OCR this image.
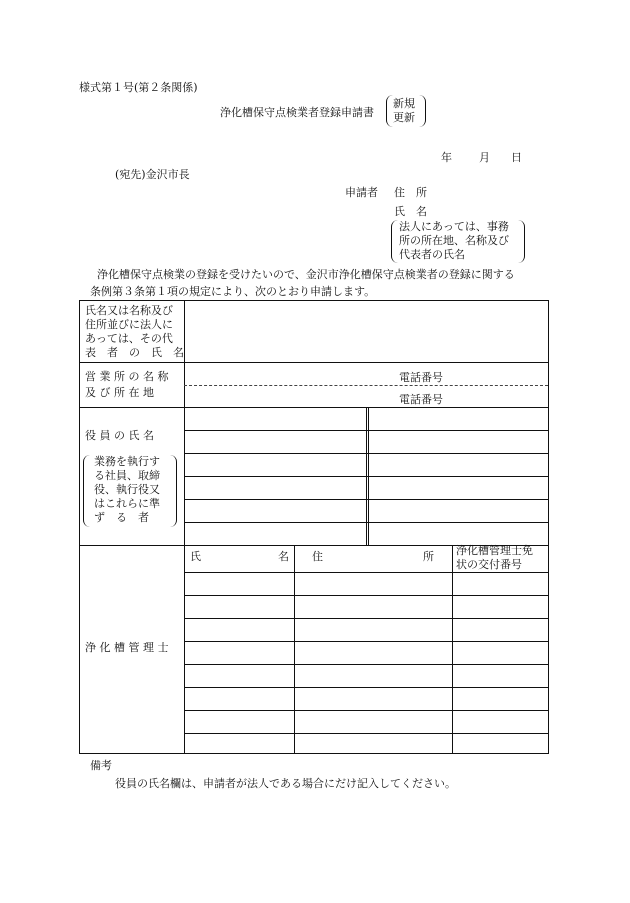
様式第１号(第２条関係)
浄化槽保守点検業者登録申請書
新規
更新
年 月 日
(宛先)金沢市長
申請者 住　所
氏　名
法人にあっては、事務
所の所在地、名称及び
代表者の氏名
浄化槽保守点検業の登録を受けたいので、金沢市浄化槽保守点検業者の登録に関する
条例第３条第１項の規定により、次のとおり申請します。
氏名又は名称及び
住所並びに法人に
あっては、その代
表　者　の　氏　名
営 業 所 の 名 称
及 び 所 在 地
電話番号
電話番号
役 員 の 氏 名
業務を執行す
る社員、取締
役、執行役又
はこれらに準
ず　る　者
浄 化 槽 管 理 士
氏	名 住	所 浄化槽管理士免
状の交付番号
備考
役員の氏名欄は、申請者が法人である場合にだけ記入してください。
